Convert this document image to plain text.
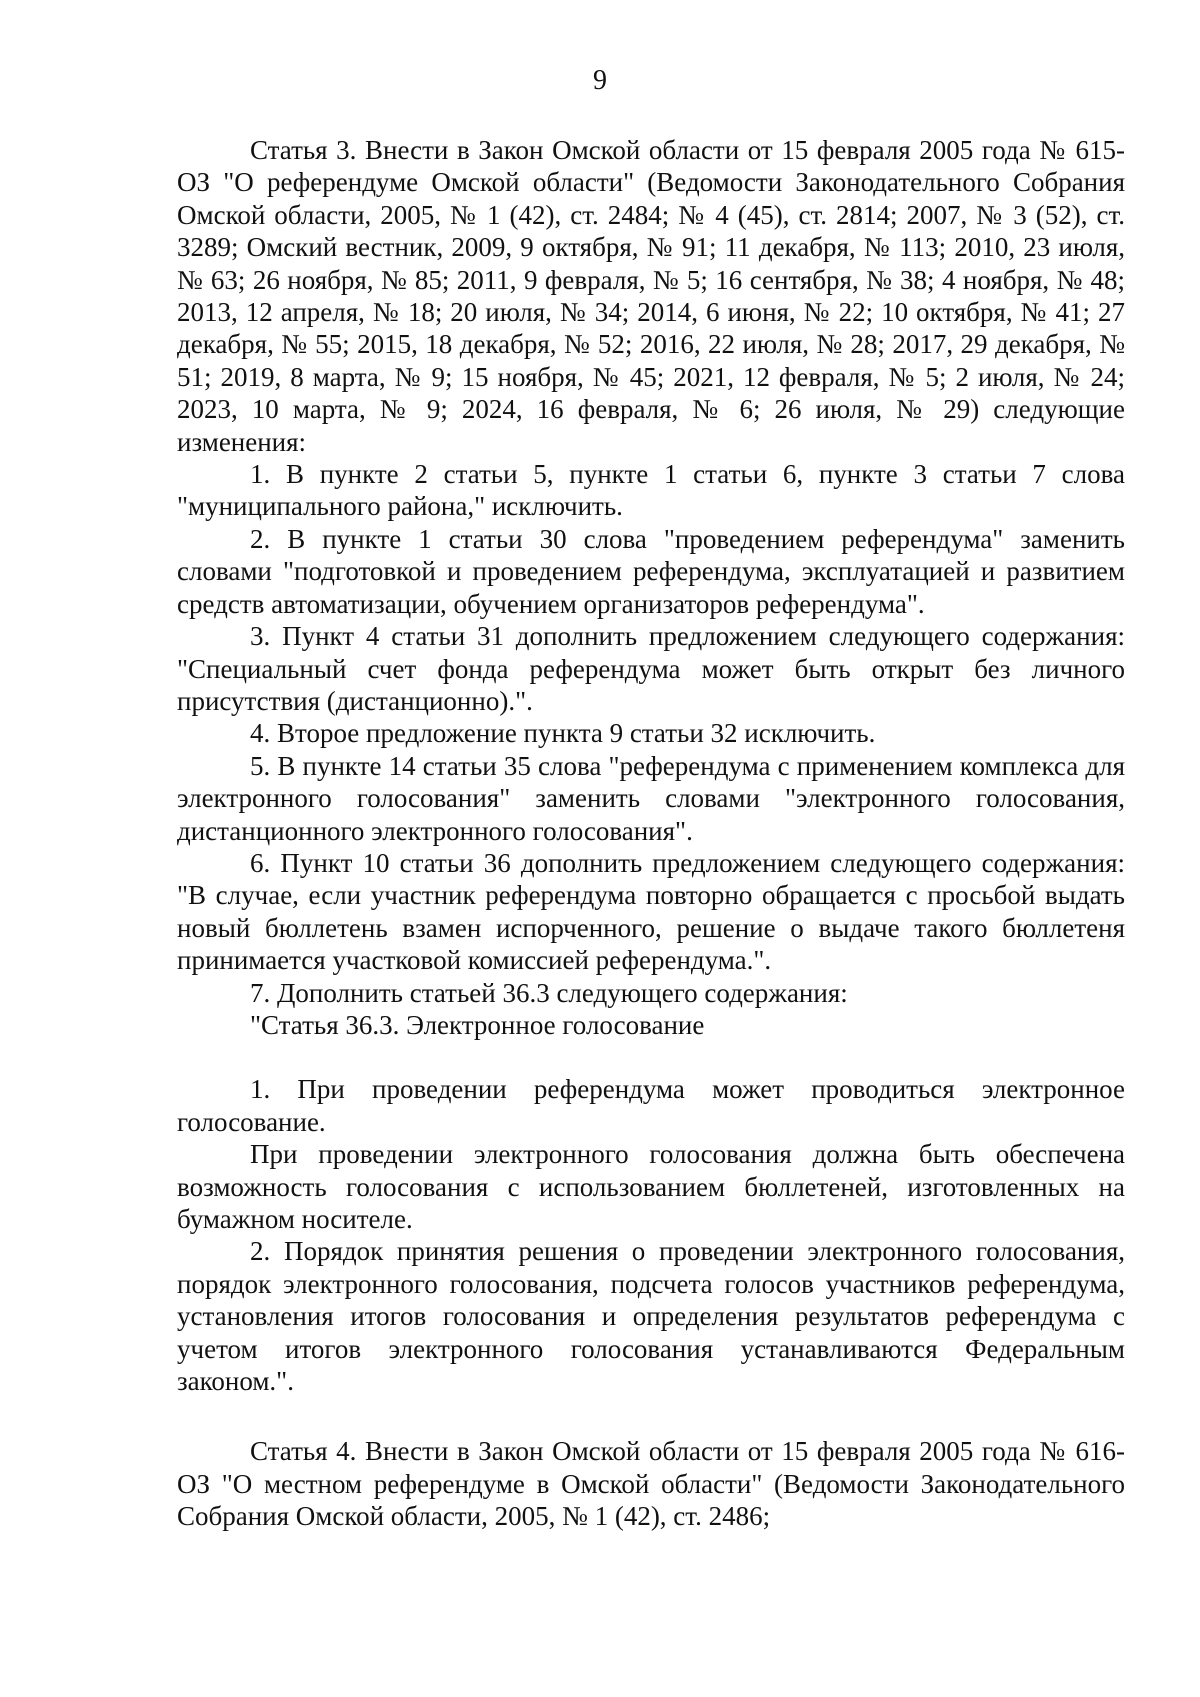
9

Статья 3. Внести в Закон Омской области от 15 февраля 2005 года № 615-ОЗ "О референдуме Омской области" (Ведомости Законодательного Собрания Омской области, 2005, № 1 (42), ст. 2484; № 4 (45), ст. 2814; 2007, № 3 (52), ст. 3289; Омский вестник, 2009, 9 октября, № 91; 11 декабря, № 113; 2010, 23 июля, № 63; 26 ноября, № 85; 2011, 9 февраля, № 5; 16 сентября, № 38; 4 ноября, № 48; 2013, 12 апреля, № 18; 20 июля, № 34; 2014, 6 июня, № 22; 10 октября, № 41; 27 декабря, № 55; 2015, 18 декабря, № 52; 2016, 22 июля, № 28; 2017, 29 декабря, № 51; 2019, 8 марта, № 9; 15 ноября, № 45; 2021, 12 февраля, № 5; 2 июля, № 24; 2023, 10 марта, № 9; 2024, 16 февраля, № 6; 26 июля, № 29) следующие изменения:

1. В пункте 2 статьи 5, пункте 1 статьи 6, пункте 3 статьи 7 слова "муниципального района," исключить.

2. В пункте 1 статьи 30 слова "проведением референдума" заменить словами "подготовкой и проведением референдума, эксплуатацией и развитием средств автоматизации, обучением организаторов референдума".

3. Пункт 4 статьи 31 дополнить предложением следующего содержания: "Специальный счет фонда референдума может быть открыт без личного присутствия (дистанционно).".

4. Второе предложение пункта 9 статьи 32 исключить.

5. В пункте 14 статьи 35 слова "референдума с применением комплекса для электронного голосования" заменить словами "электронного голосования, дистанционного электронного голосования".

6. Пункт 10 статьи 36 дополнить предложением следующего содержания: "В случае, если участник референдума повторно обращается с просьбой выдать новый бюллетень взамен испорченного, решение о выдаче такого бюллетеня принимается участковой комиссией референдума.".

7. Дополнить статьей 36.3 следующего содержания:

"Статья 36.3. Электронное голосование

1. При проведении референдума может проводиться электронное голосование.

При проведении электронного голосования должна быть обеспечена возможность голосования с использованием бюллетеней, изготовленных на бумажном носителе.

2. Порядок принятия решения о проведении электронного голосования, порядок электронного голосования, подсчета голосов участников референдума, установления итогов голосования и определения результатов референдума с учетом итогов электронного голосования устанавливаются Федеральным законом.".

Статья 4. Внести в Закон Омской области от 15 февраля 2005 года № 616-ОЗ "О местном референдуме в Омской области" (Ведомости Законодательного Собрания Омской области, 2005, № 1 (42), ст. 2486;
